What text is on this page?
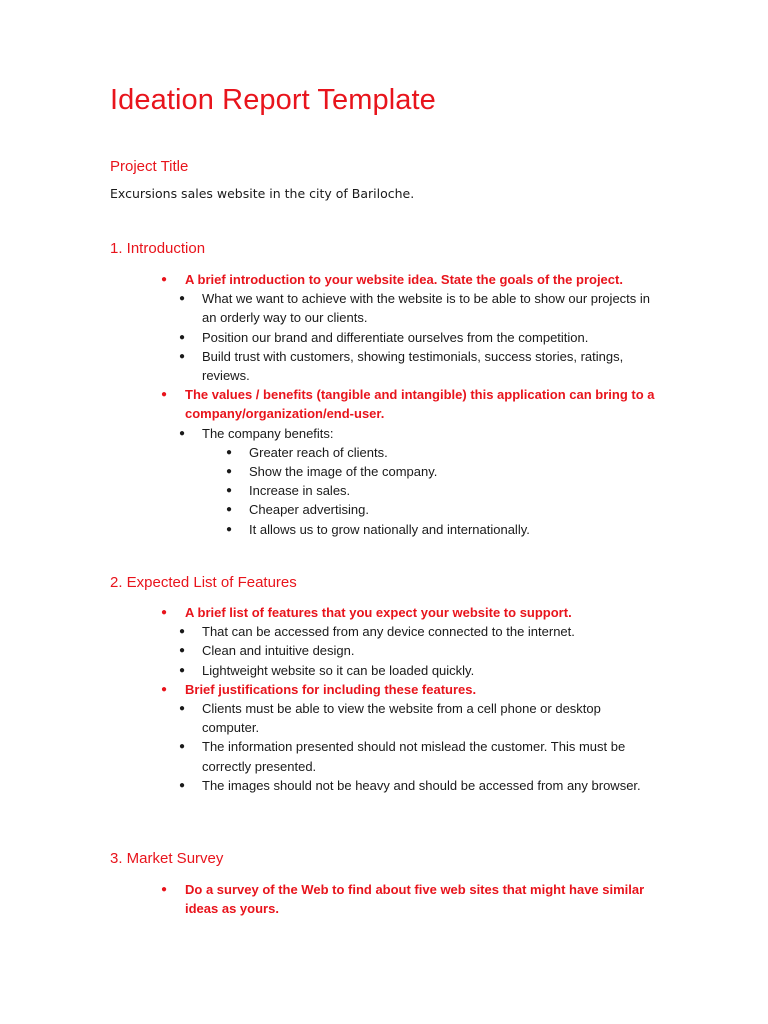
Ideation Report Template
Project Title
Excursions sales website in the city of Bariloche.
1. Introduction
● A brief introduction to your website idea. State the goals of the project.
● What we want to achieve with the website is to be able to show our projects in an orderly way to our clients.
● Position our brand and differentiate ourselves from the competition.
● Build trust with customers, showing testimonials, success stories, ratings, reviews.
● The values / benefits (tangible and intangible) this application can bring to a company/organization/end-user.
● The company benefits:
● Greater reach of clients.
● Show the image of the company.
● Increase in sales.
● Cheaper advertising.
● It allows us to grow nationally and internationally.
2. Expected List of Features
● A brief list of features that you expect your website to support.
● That can be accessed from any device connected to the internet.
● Clean and intuitive design.
● Lightweight website so it can be loaded quickly.
● Brief justifications for including these features.
● Clients must be able to view the website from a cell phone or desktop computer.
● The information presented should not mislead the customer. This must be correctly presented.
● The images should not be heavy and should be accessed from any browser.
3. Market Survey
● Do a survey of the Web to find about five web sites that might have similar ideas as yours.
